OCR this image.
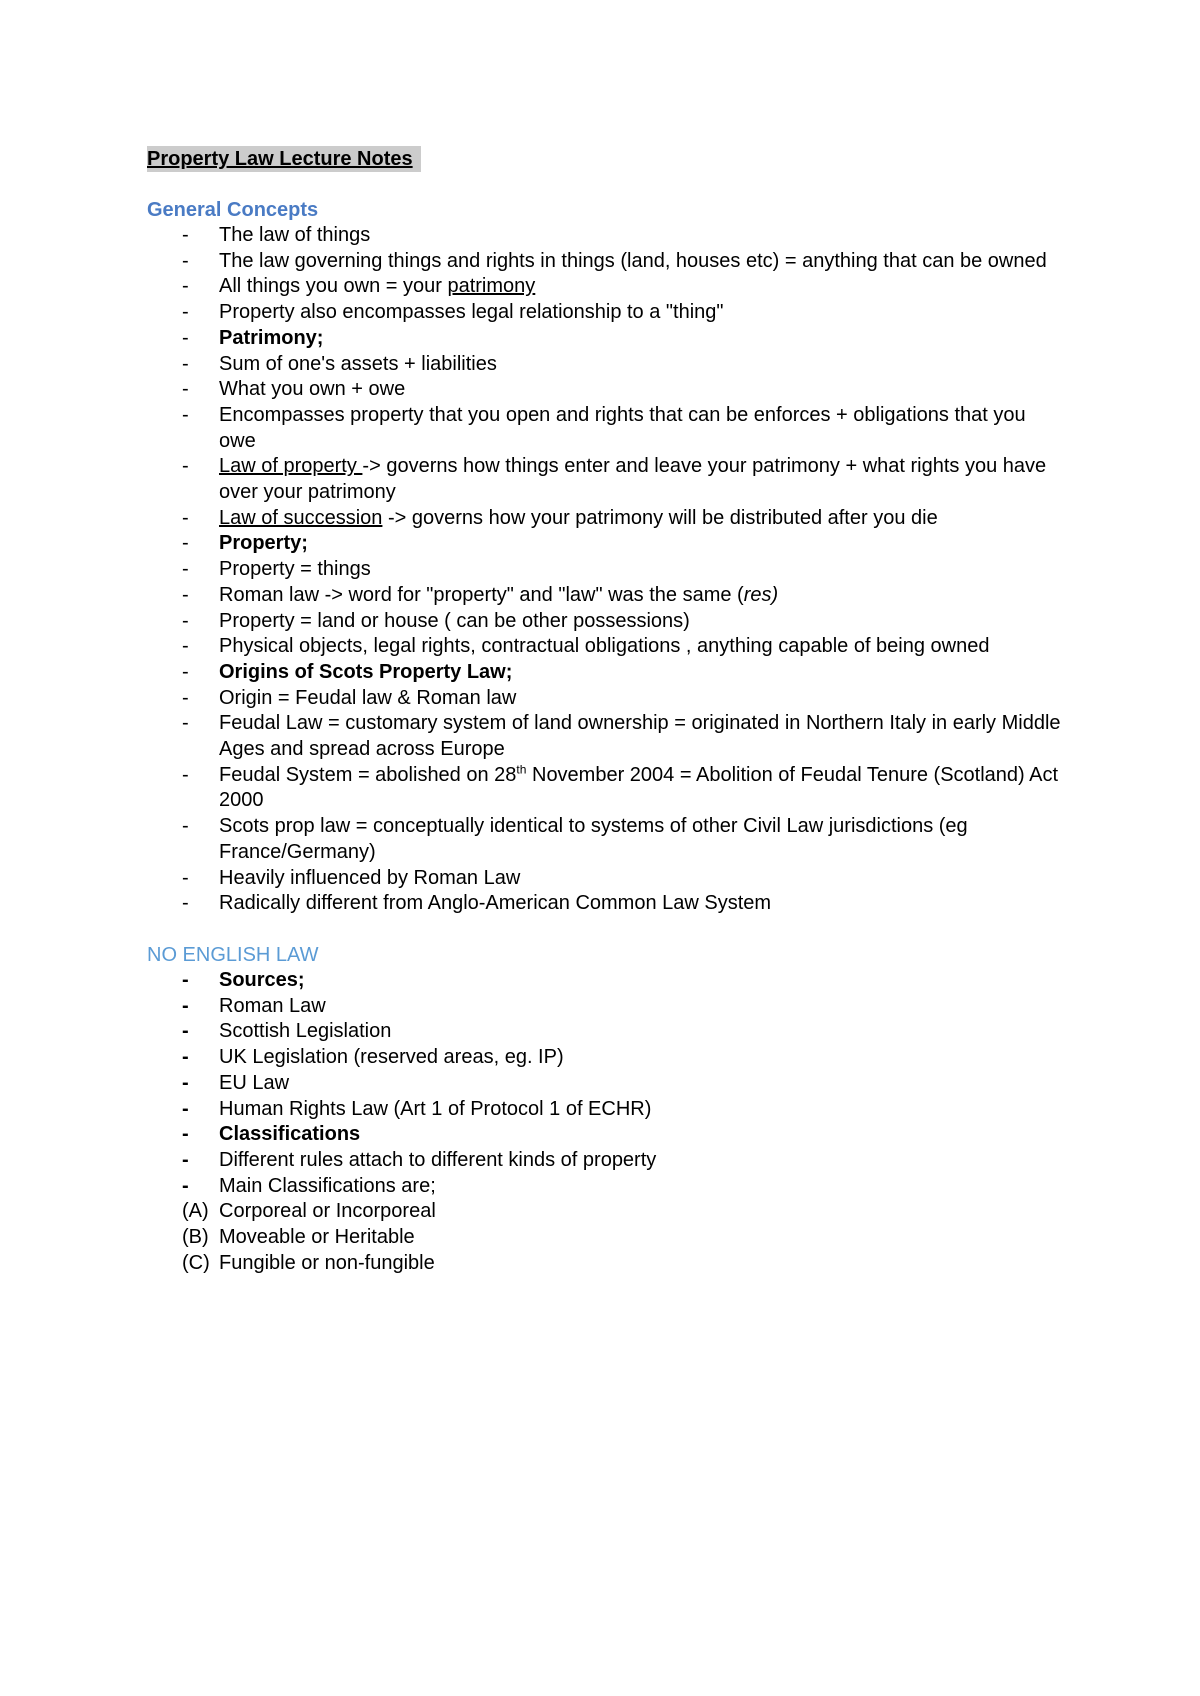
Property Law Lecture Notes
General Concepts
-	The law of things
-	The law governing things and rights in things (land, houses etc) = anything that can be owned
-	All things you own = your patrimony
-	Property also encompasses legal relationship to a "thing"
-	Patrimony;
-	Sum of one's assets + liabilities
-	What you own + owe
-	Encompasses property that you open and rights that can be enforces + obligations that you owe
-	Law of property -> governs how things enter and leave your patrimony + what rights you have over your patrimony
-	Law of succession -> governs how your patrimony will be distributed after you die
-	Property;
-	Property = things
-	Roman law -> word for "property" and "law" was the same (res)
-	Property = land or house ( can be other possessions)
-	Physical objects, legal rights, contractual obligations , anything capable of being owned
-	Origins of Scots Property Law;
-	Origin = Feudal law & Roman law
-	Feudal Law = customary system of land ownership = originated in Northern Italy in early Middle Ages and spread across Europe
-	Feudal System = abolished on 28th November 2004 = Abolition of Feudal Tenure (Scotland) Act 2000
-	Scots prop law = conceptually identical to systems of other Civil Law jurisdictions (eg France/Germany)
-	Heavily influenced by Roman Law
-	Radically different from Anglo-American Common Law System
NO ENGLISH LAW
-	Sources;
-	Roman Law
-	Scottish Legislation
-	UK Legislation (reserved areas, eg. IP)
-	EU Law
-	Human Rights Law (Art 1 of Protocol 1 of ECHR)
-	Classifications
-	Different rules attach to different kinds of property
-	Main Classifications are;
(A) Corporeal or Incorporeal
(B) Moveable or Heritable
(C) Fungible or non-fungible
